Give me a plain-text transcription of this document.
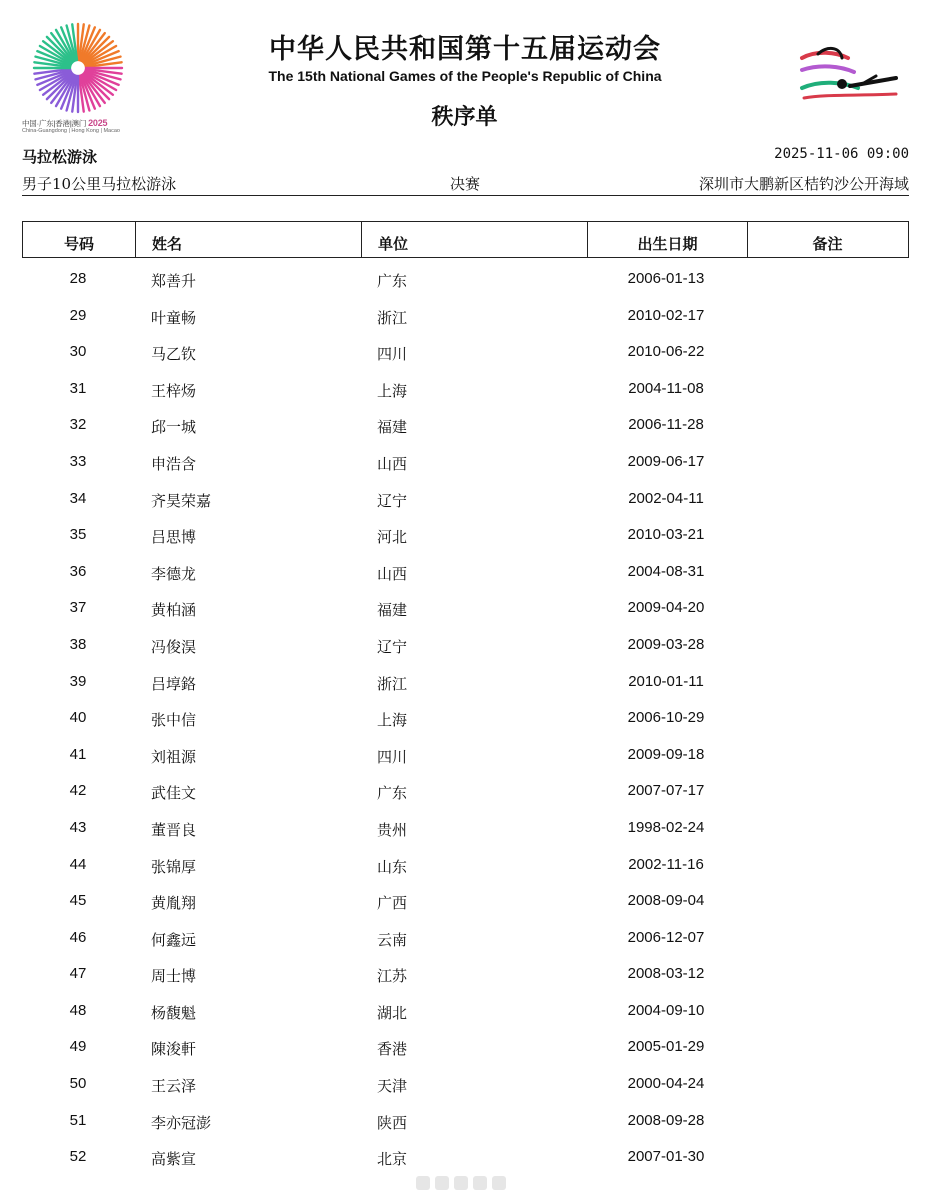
中国·广东|香港|澳门 2025
China-Guangdong | Hong Kong | Macao
中华人民共和国第十五届运动会
The 15th National Games of the People's Republic of China
秩序单
马拉松游泳	2025-11-06 09:00
男子10公里马拉松游泳	决赛	深圳市大鹏新区桔钓沙公开海域
号码	姓名	单位	出生日期	备注
28	郑善升	广东	2006-01-13
29	叶童畅	浙江	2010-02-17
30	马乙钦	四川	2010-06-22
31	王梓炀	上海	2004-11-08
32	邱一城	福建	2006-11-28
33	申浩含	山西	2009-06-17
34	齐昊荣嘉	辽宁	2002-04-11
35	吕思博	河北	2010-03-21
36	李德龙	山西	2004-08-31
37	黄柏涵	福建	2009-04-20
38	冯俊淏	辽宁	2009-03-28
39	吕埻鉻	浙江	2010-01-11
40	张中信	上海	2006-10-29
41	刘祖源	四川	2009-09-18
42	武佳文	广东	2007-07-17
43	董晋良	贵州	1998-02-24
44	张锦厚	山东	2002-11-16
45	黄胤翔	广西	2008-09-04
46	何鑫远	云南	2006-12-07
47	周士博	江苏	2008-03-12
48	杨馥魁	湖北	2004-09-10
49	陳浚軒	香港	2005-01-29
50	王云泽	天津	2000-04-24
51	李亦冠澎	陕西	2008-09-28
52	高紫宣	北京	2007-01-30
